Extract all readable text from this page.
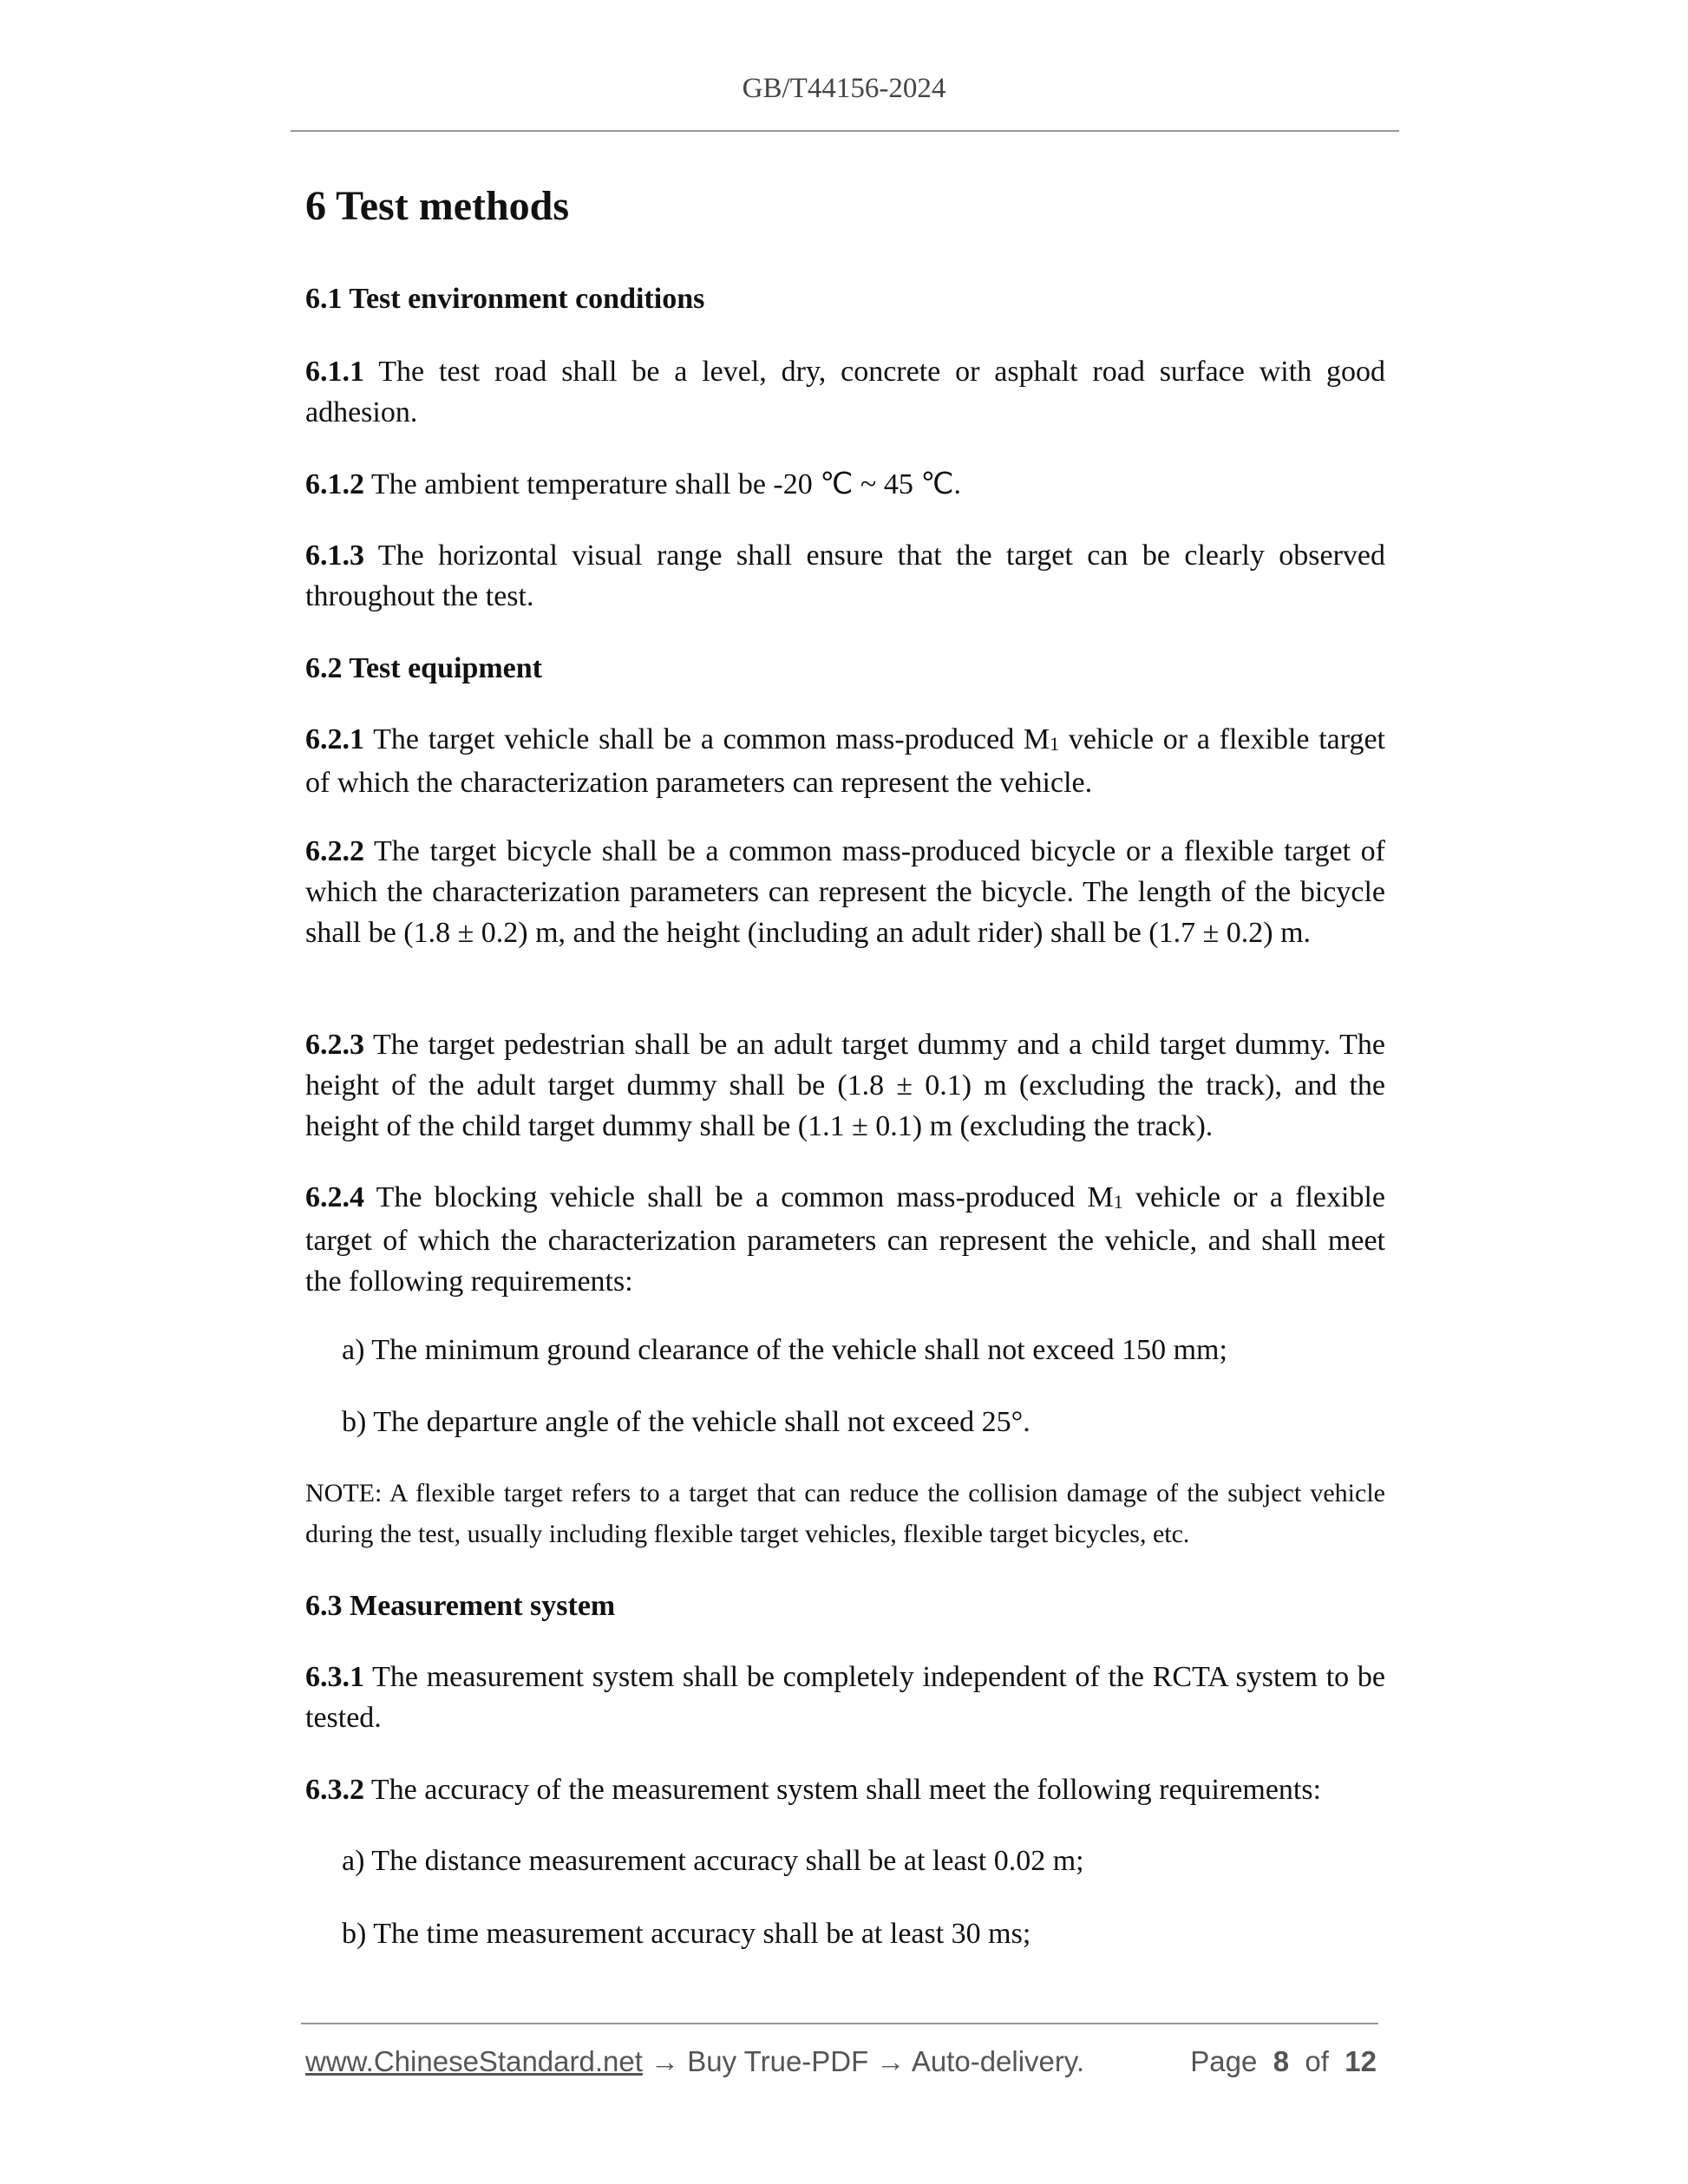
GB/T44156-2024
6 Test methods
6.1 Test environment conditions
6.1.1 The test road shall be a level, dry, concrete or asphalt road surface with good adhesion.
6.1.2 The ambient temperature shall be -20 ℃ ~ 45 ℃.
6.1.3 The horizontal visual range shall ensure that the target can be clearly observed throughout the test.
6.2 Test equipment
6.2.1 The target vehicle shall be a common mass-produced $M_1$ vehicle or a flexible target of which the characterization parameters can represent the vehicle.
6.2.2 The target bicycle shall be a common mass-produced bicycle or a flexible target of which the characterization parameters can represent the bicycle. The length of the bicycle shall be (1.8 ± 0.2) m, and the height (including an adult rider) shall be (1.7 ± 0.2) m.
6.2.3 The target pedestrian shall be an adult target dummy and a child target dummy. The height of the adult target dummy shall be (1.8 ± 0.1) m (excluding the track), and the height of the child target dummy shall be (1.1 ± 0.1) m (excluding the track).
6.2.4 The blocking vehicle shall be a common mass-produced $M_1$ vehicle or a flexible target of which the characterization parameters can represent the vehicle, and shall meet the following requirements:
a) The minimum ground clearance of the vehicle shall not exceed 150 mm;
b) The departure angle of the vehicle shall not exceed 25°.
NOTE: A flexible target refers to a target that can reduce the collision damage of the subject vehicle during the test, usually including flexible target vehicles, flexible target bicycles, etc.
6.3 Measurement system
6.3.1 The measurement system shall be completely independent of the RCTA system to be tested.
6.3.2 The accuracy of the measurement system shall meet the following requirements:
a) The distance measurement accuracy shall be at least 0.02 m;
b) The time measurement accuracy shall be at least 30 ms;
www.ChineseStandard.net → Buy True-PDF → Auto-delivery.	Page 8 of 12
